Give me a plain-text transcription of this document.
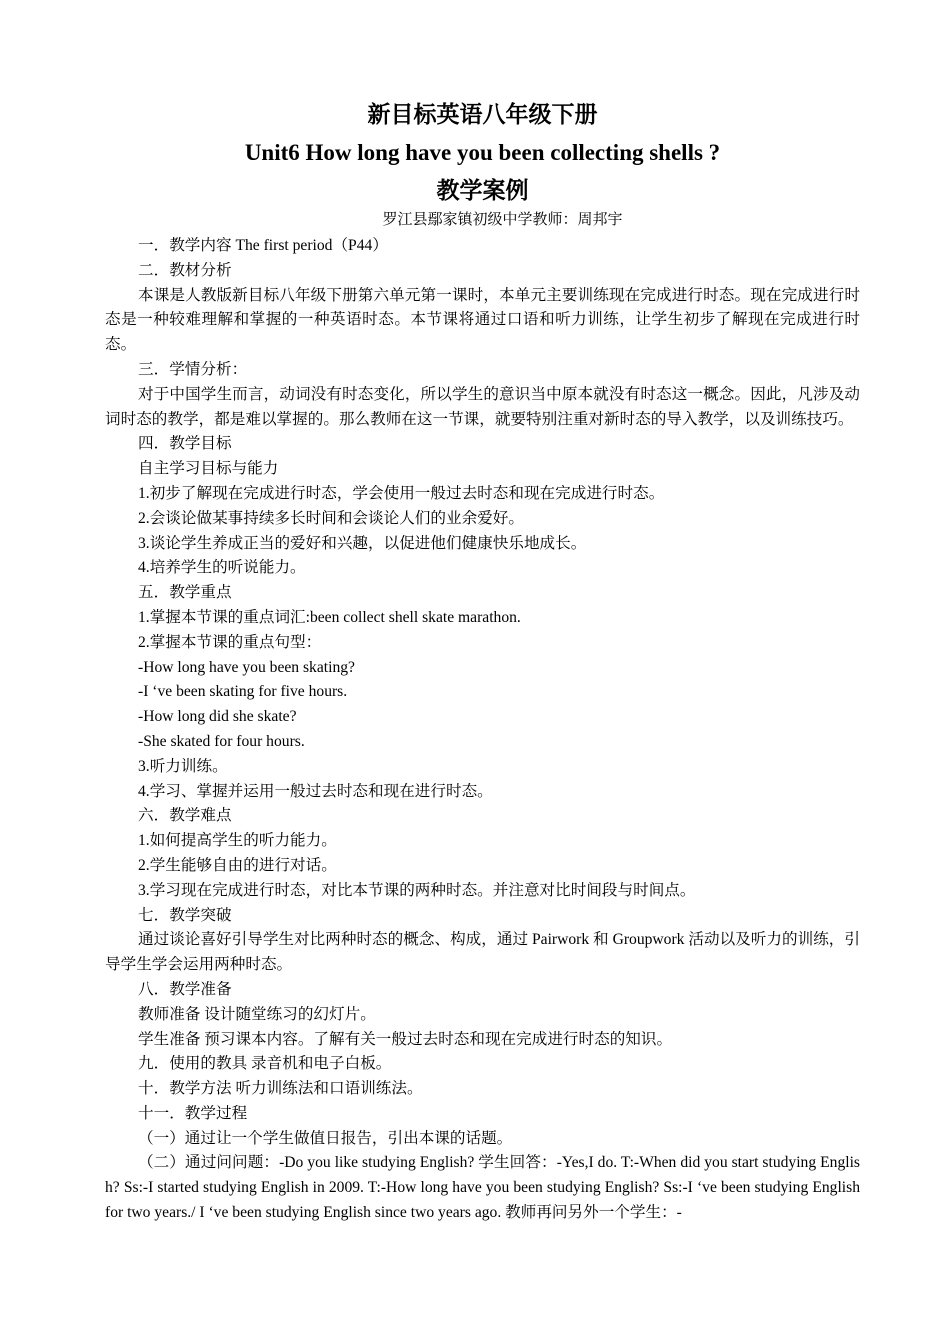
新目标英语八年级下册
Unit6 How long have you been collecting shells ?
教学案例
罗江县鄢家镇初级中学教师：周邦宇
一．教学内容 The first period（P44）
二．教材分析
本课是人教版新目标八年级下册第六单元第一课时，本单元主要训练现在完成进行时态。现在完成进行时态是一种较难理解和掌握的一种英语时态。本节课将通过口语和听力训练，让学生初步了解现在完成进行时态。
三．学情分析：
对于中国学生而言，动词没有时态变化，所以学生的意识当中原本就没有时态这一概念。因此，凡涉及动词时态的教学，都是难以掌握的。那么教师在这一节课，就要特别注重对新时态的导入教学，以及训练技巧。
四．教学目标
自主学习目标与能力
1.初步了解现在完成进行时态，学会使用一般过去时态和现在完成进行时态。
2.会谈论做某事持续多长时间和会谈论人们的业余爱好。
3.谈论学生养成正当的爱好和兴趣，以促进他们健康快乐地成长。
4.培养学生的听说能力。
五．教学重点
1.掌握本节课的重点词汇:been collect shell skate marathon.
2.掌握本节课的重点句型：
-How long have you been skating?
-I ‘ve been skating for five hours.
-How long did she skate?
-She skated for four hours.
3.听力训练。
4.学习、掌握并运用一般过去时态和现在进行时态。
六．教学难点
1.如何提高学生的听力能力。
2.学生能够自由的进行对话。
3.学习现在完成进行时态，对比本节课的两种时态。并注意对比时间段与时间点。
七．教学突破
通过谈论喜好引导学生对比两种时态的概念、构成，通过 Pairwork 和 Groupwork 活动以及听力的训练，引导学生学会运用两种时态。
八．教学准备
教师准备 设计随堂练习的幻灯片。
学生准备 预习课本内容。了解有关一般过去时态和现在完成进行时态的知识。
九．使用的教具 录音机和电子白板。
十．教学方法 听力训练法和口语训练法。
十一．教学过程
（一）通过让一个学生做值日报告，引出本课的话题。
（二）通过问问题：-Do you like studying English? 学生回答：-Yes,I do. T:-When did you start studying English? Ss:-I started studying English in 2009. T:-How long have you been studying English? Ss:-I ‘ve been studying English for two years./ I ‘ve been studying English since two years ago. 教师再问另外一个学生：-
